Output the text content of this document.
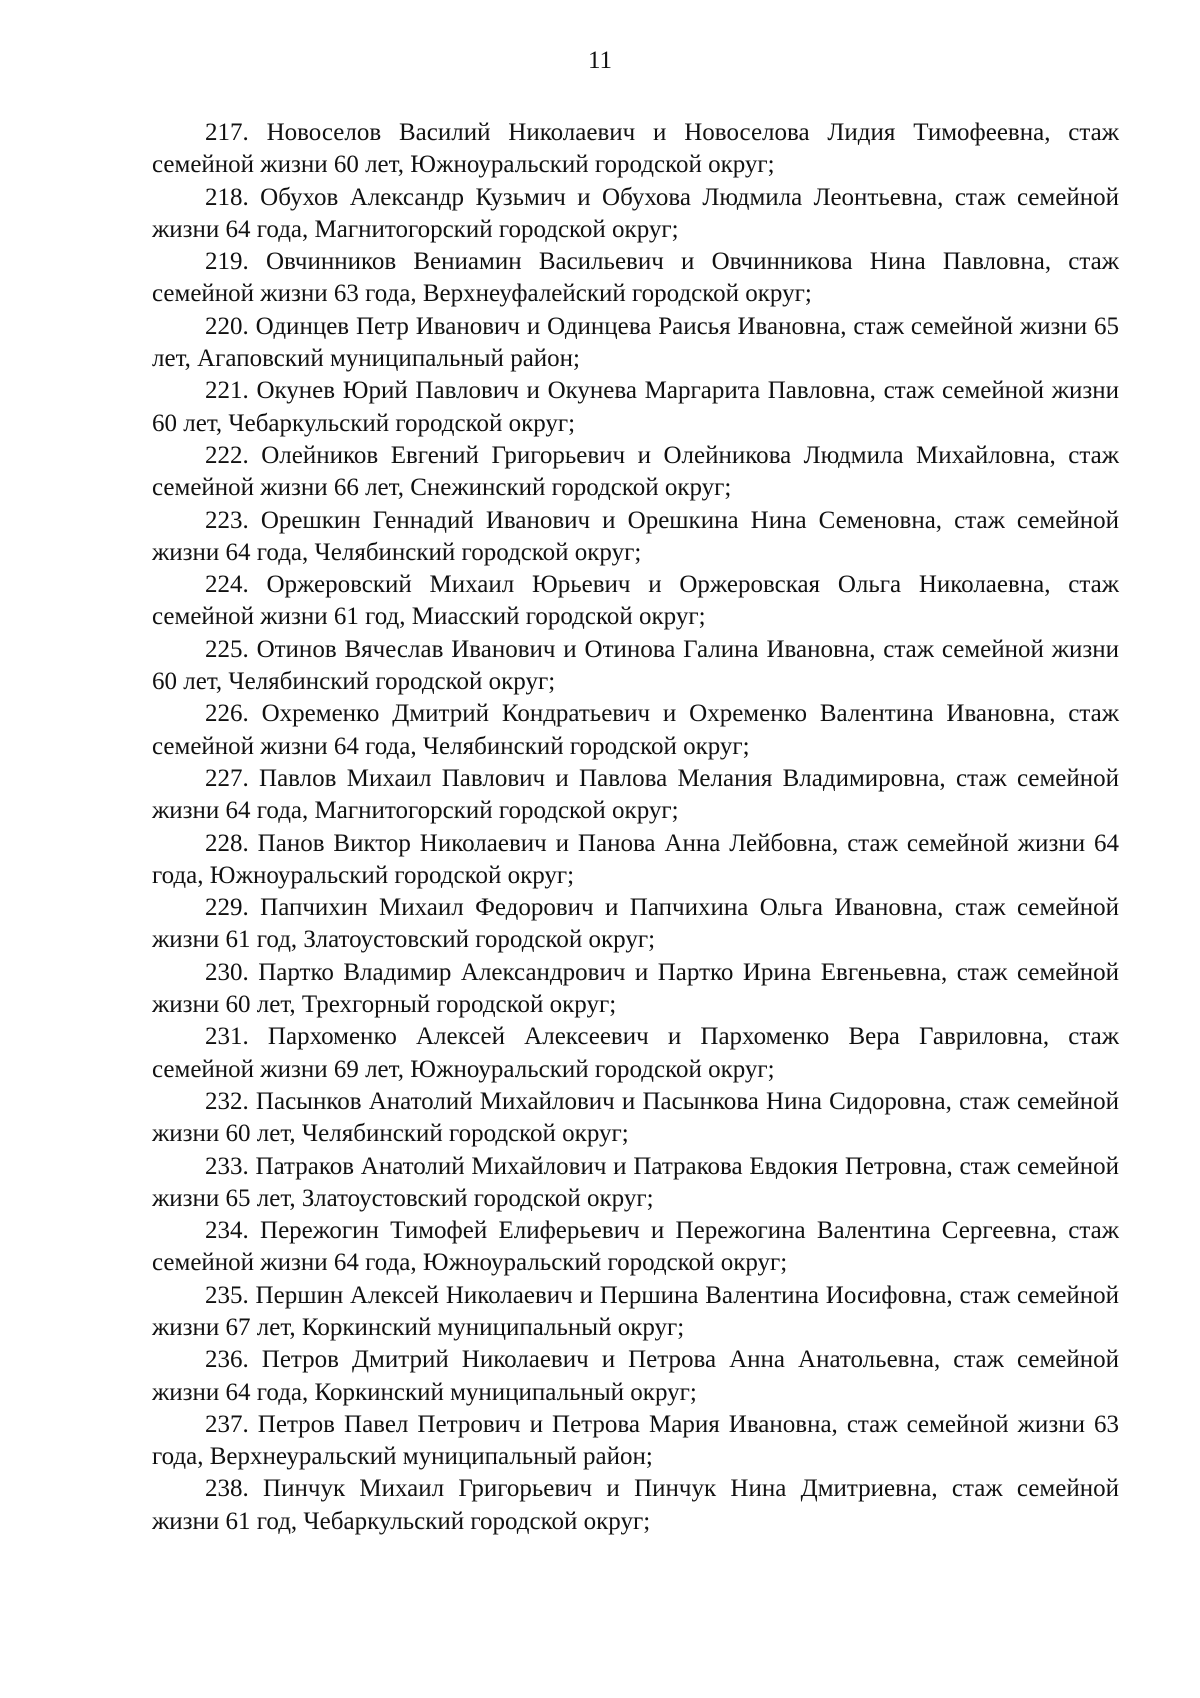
11

217. Новоселов Василий Николаевич и Новоселова Лидия Тимофеевна, стаж семейной жизни 60 лет, Южноуральский городской округ;

218. Обухов Александр Кузьмич и Обухова Людмила Леонтьевна, стаж семейной жизни 64 года, Магнитогорский городской округ;

219. Овчинников Вениамин Васильевич и Овчинникова Нина Павловна, стаж семейной жизни 63 года, Верхнеуфалейский городской округ;

220. Одинцев Петр Иванович и Одинцева Раисья Ивановна, стаж семейной жизни 65 лет, Агаповский муниципальный район;

221. Окунев Юрий Павлович и Окунева Маргарита Павловна, стаж семейной жизни 60 лет, Чебаркульский городской округ;

222. Олейников Евгений Григорьевич и Олейникова Людмила Михайловна, стаж семейной жизни 66 лет, Снежинский городской округ;

223. Орешкин Геннадий Иванович и Орешкина Нина Семеновна, стаж семейной жизни 64 года, Челябинский городской округ;

224. Оржеровский Михаил Юрьевич и Оржеровская Ольга Николаевна, стаж семейной жизни 61 год, Миасский городской округ;

225. Отинов Вячеслав Иванович и Отинова Галина Ивановна, стаж семейной жизни 60 лет, Челябинский городской округ;

226. Охременко Дмитрий Кондратьевич и Охременко Валентина Ивановна, стаж семейной жизни 64 года, Челябинский городской округ;

227. Павлов Михаил Павлович и Павлова Мелания Владимировна, стаж семейной жизни 64 года, Магнитогорский городской округ;

228. Панов Виктор Николаевич и Панова Анна Лейбовна, стаж семейной жизни 64 года, Южноуральский городской округ;

229. Папчихин Михаил Федорович и Папчихина Ольга Ивановна, стаж семейной жизни 61 год, Златоустовский городской округ;

230. Партко Владимир Александрович и Партко Ирина Евгеньевна, стаж семейной жизни 60 лет, Трехгорный городской округ;

231. Пархоменко Алексей Алексеевич и Пархоменко Вера Гавриловна, стаж семейной жизни 69 лет, Южноуральский городской округ;

232. Пасынков Анатолий Михайлович и Пасынкова Нина Сидоровна, стаж семейной жизни 60 лет, Челябинский городской округ;

233. Патраков Анатолий Михайлович и Патракова Евдокия Петровна, стаж семейной жизни 65 лет, Златоустовский городской округ;

234. Пережогин Тимофей Елиферьевич и Пережогина Валентина Сергеевна, стаж семейной жизни 64 года, Южноуральский городской округ;

235. Першин Алексей Николаевич и Першина Валентина Иосифовна, стаж семейной жизни 67 лет, Коркинский муниципальный округ;

236. Петров Дмитрий Николаевич и Петрова Анна Анатольевна, стаж семейной жизни 64 года, Коркинский муниципальный округ;

237. Петров Павел Петрович и Петрова Мария Ивановна, стаж семейной жизни 63 года, Верхнеуральский муниципальный район;

238. Пинчук Михаил Григорьевич и Пинчук Нина Дмитриевна, стаж семейной жизни 61 год, Чебаркульский городской округ;
